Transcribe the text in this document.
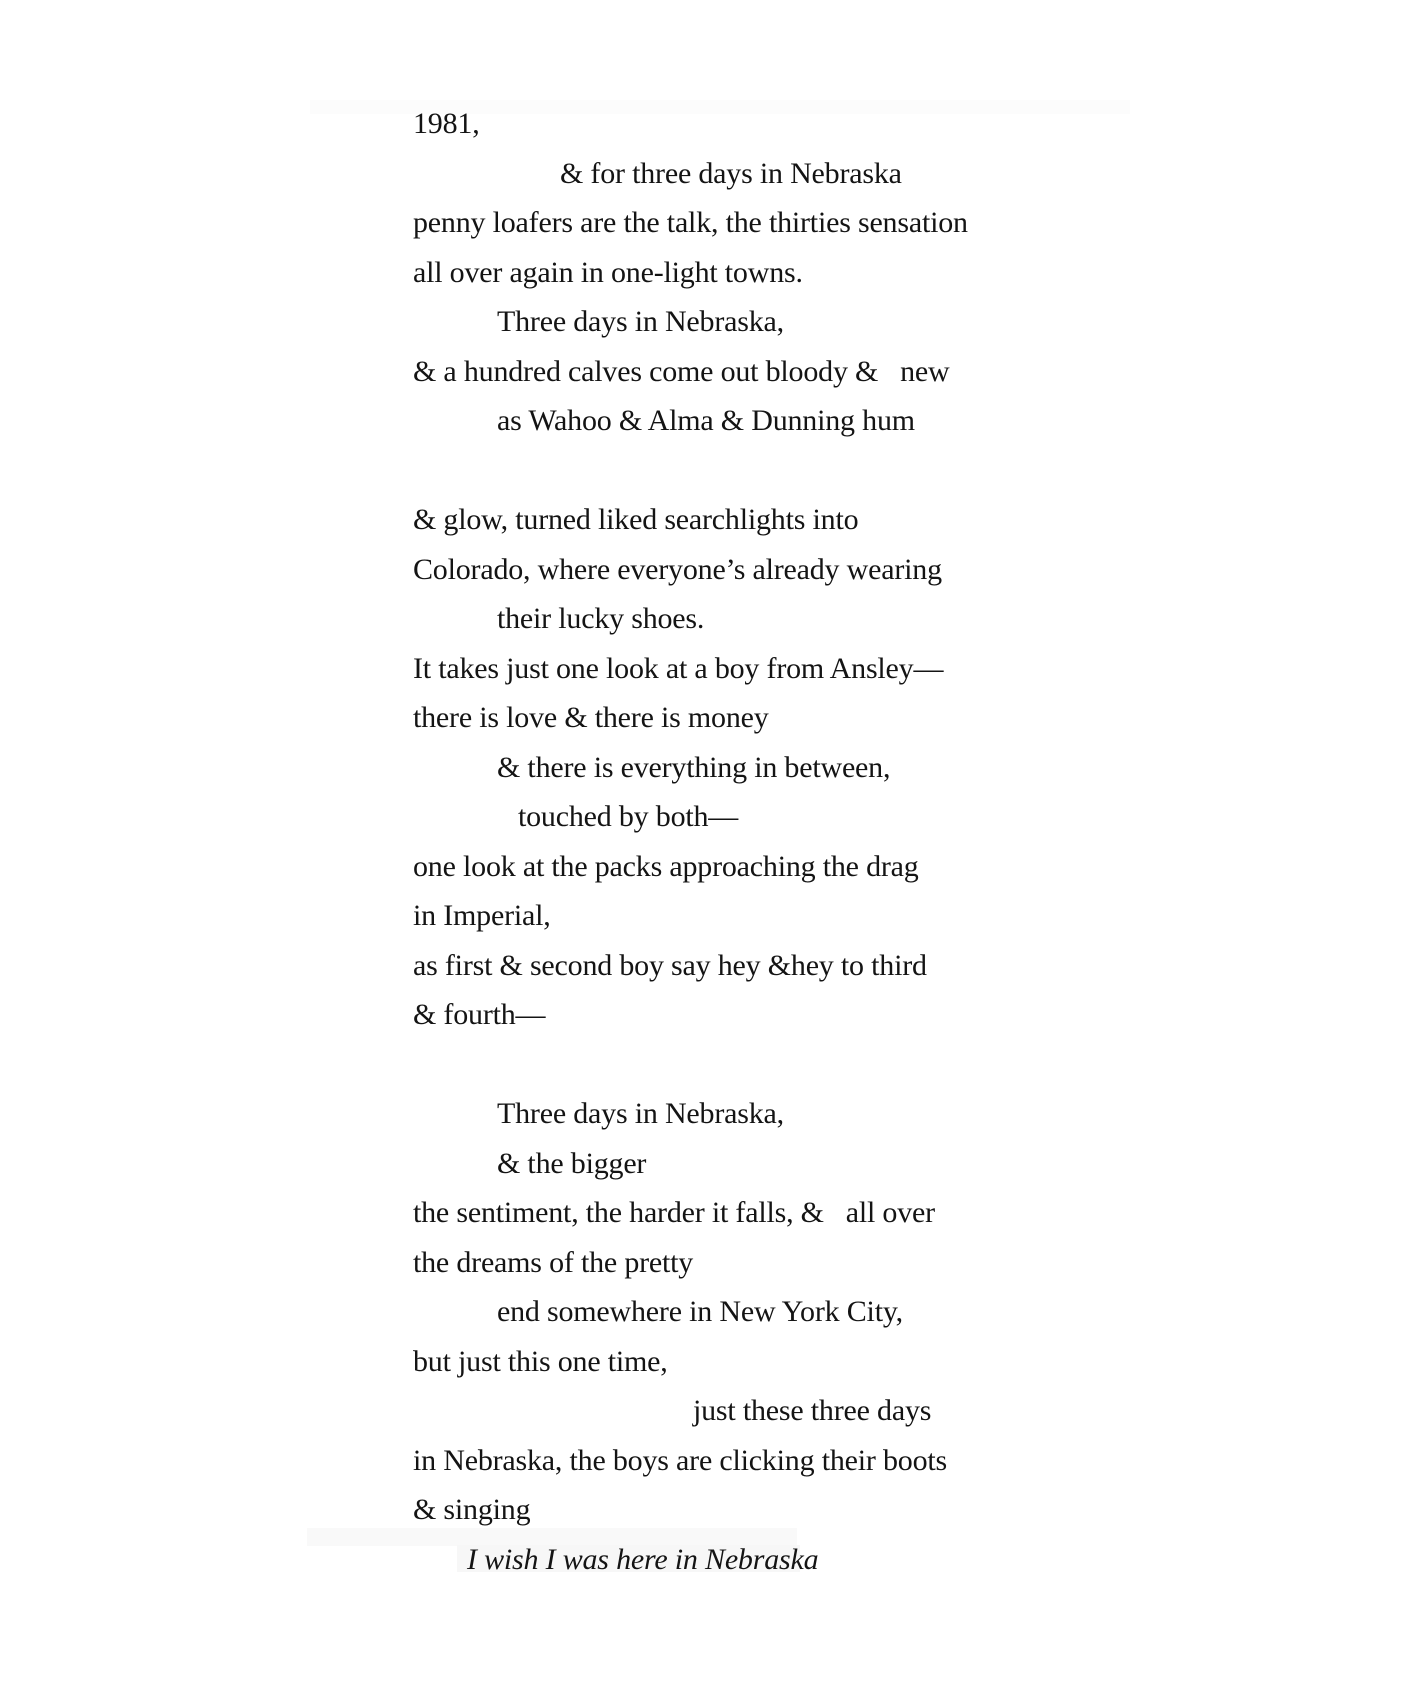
1981,
& for three days in Nebraska
penny loafers are the talk, the thirties sensation
all over again in one-light towns.
Three days in Nebraska,
& a hundred calves come out bloody &   new
as Wahoo & Alma & Dunning hum
& glow, turned liked searchlights into
Colorado, where everyone’s already wearing
their lucky shoes.
It takes just one look at a boy from Ansley—
there is love & there is money
& there is everything in between,
touched by both—
one look at the packs approaching the drag
in Imperial,
as first & second boy say hey &hey to third
& fourth—
Three days in Nebraska,
& the bigger
the sentiment, the harder it falls, &   all over
the dreams of the pretty
end somewhere in New York City,
but just this one time,
just these three days
in Nebraska, the boys are clicking their boots
& singing
I wish I was here in Nebraska
